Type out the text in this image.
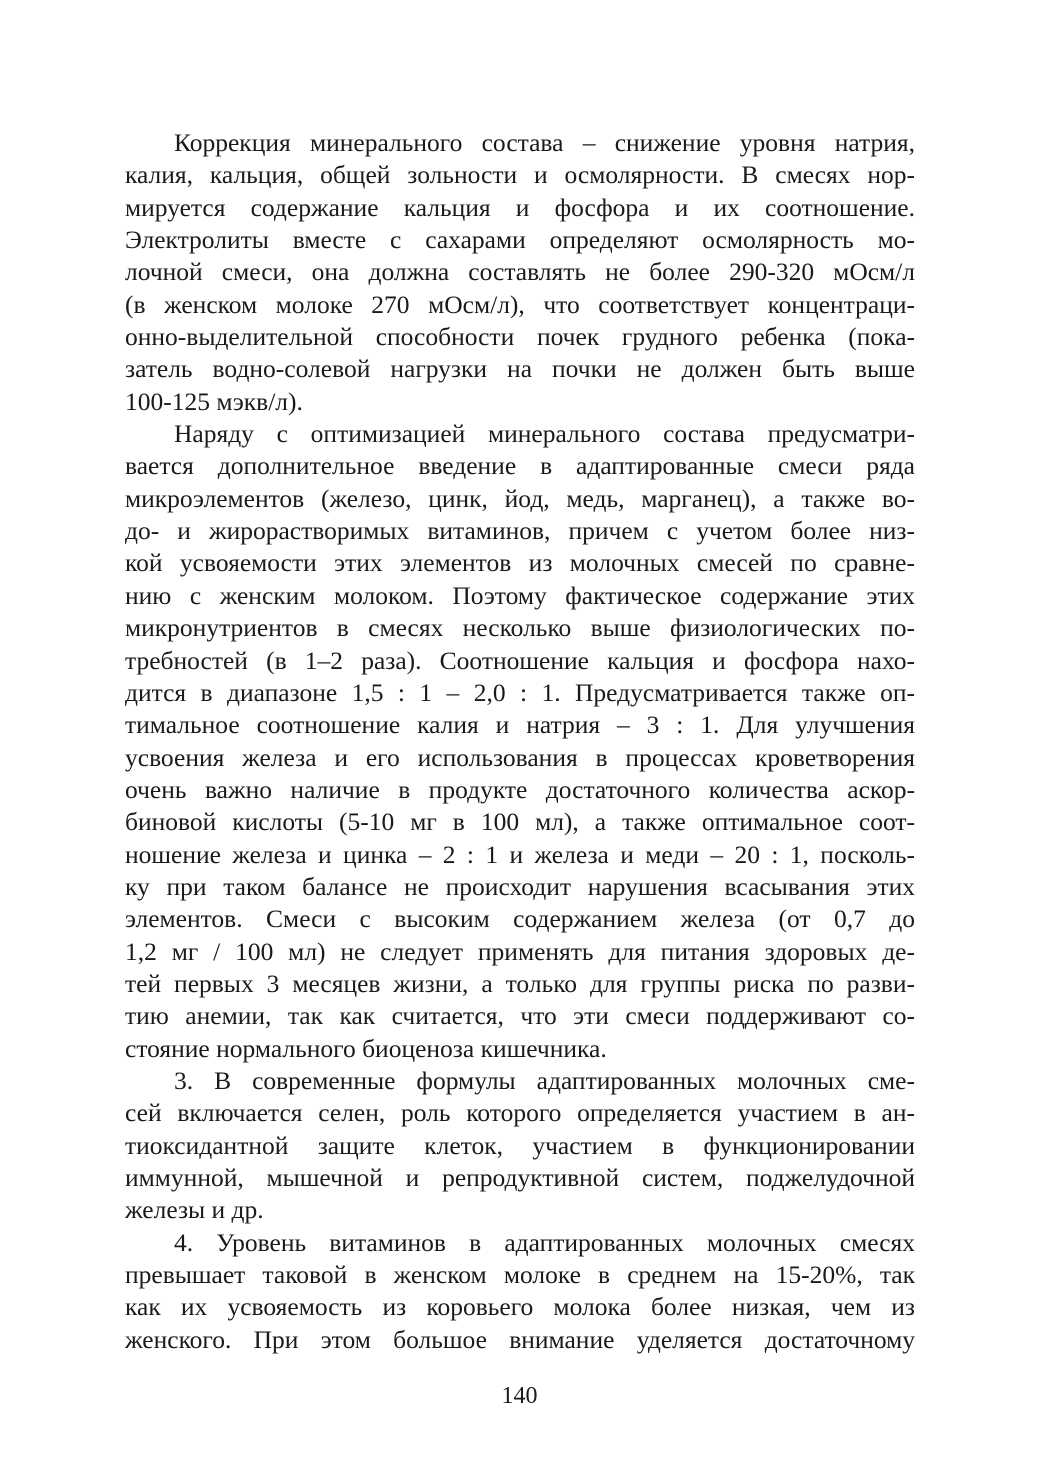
Коррекция минерального состава – снижение уровня натрия,
калия, кальция, общей зольности и осмолярности. В смесях нор-
мируется содержание кальция и фосфора и их соотношение.
Электролиты вместе с сахарами определяют осмолярность мо-
лочной смеси, она должна составлять не более 290-320 мОсм/л
(в женском молоке 270 мОсм/л), что соответствует концентраци-
онно-выделительной способности почек грудного ребенка (пока-
затель водно-солевой нагрузки на почки не должен быть выше
100-125 мэкв/л).
Наряду с оптимизацией минерального состава предусматри-
вается дополнительное введение в адаптированные смеси ряда
микроэлементов (железо, цинк, йод, медь, марганец), а также во-
до- и жирорастворимых витаминов, причем с учетом более низ-
кой усвояемости этих элементов из молочных смесей по сравне-
нию с женским молоком. Поэтому фактическое содержание этих
микронутриентов в смесях несколько выше физиологических по-
требностей (в 1–2 раза). Соотношение кальция и фосфора нахо-
дится в диапазоне 1,5 : 1 – 2,0 : 1. Предусматривается также оп-
тимальное соотношение калия и натрия – 3 : 1. Для улучшения
усвоения железа и его использования в процессах кроветворения
очень важно наличие в продукте достаточного количества аскор-
биновой кислоты (5-10 мг в 100 мл), а также оптимальное соот-
ношение железа и цинка – 2 : 1 и железа и меди – 20 : 1, посколь-
ку при таком балансе не происходит нарушения всасывания этих
элементов. Смеси с высоким содержанием железа (от 0,7 до
1,2 мг / 100 мл) не следует применять для питания здоровых де-
тей первых 3 месяцев жизни, а только для группы риска по разви-
тию анемии, так как считается, что эти смеси поддерживают со-
стояние нормального биоценоза кишечника.
3. В современные формулы адаптированных молочных сме-
сей включается селен, роль которого определяется участием в ан-
тиоксидантной защите клеток, участием в функционировании
иммунной, мышечной и репродуктивной систем, поджелудочной
железы и др.
4. Уровень витаминов в адаптированных молочных смесях
превышает таковой в женском молоке в среднем на 15-20%, так
как их усвояемость из коровьего молока более низкая, чем из
женского. При этом большое внимание уделяется достаточному
140
